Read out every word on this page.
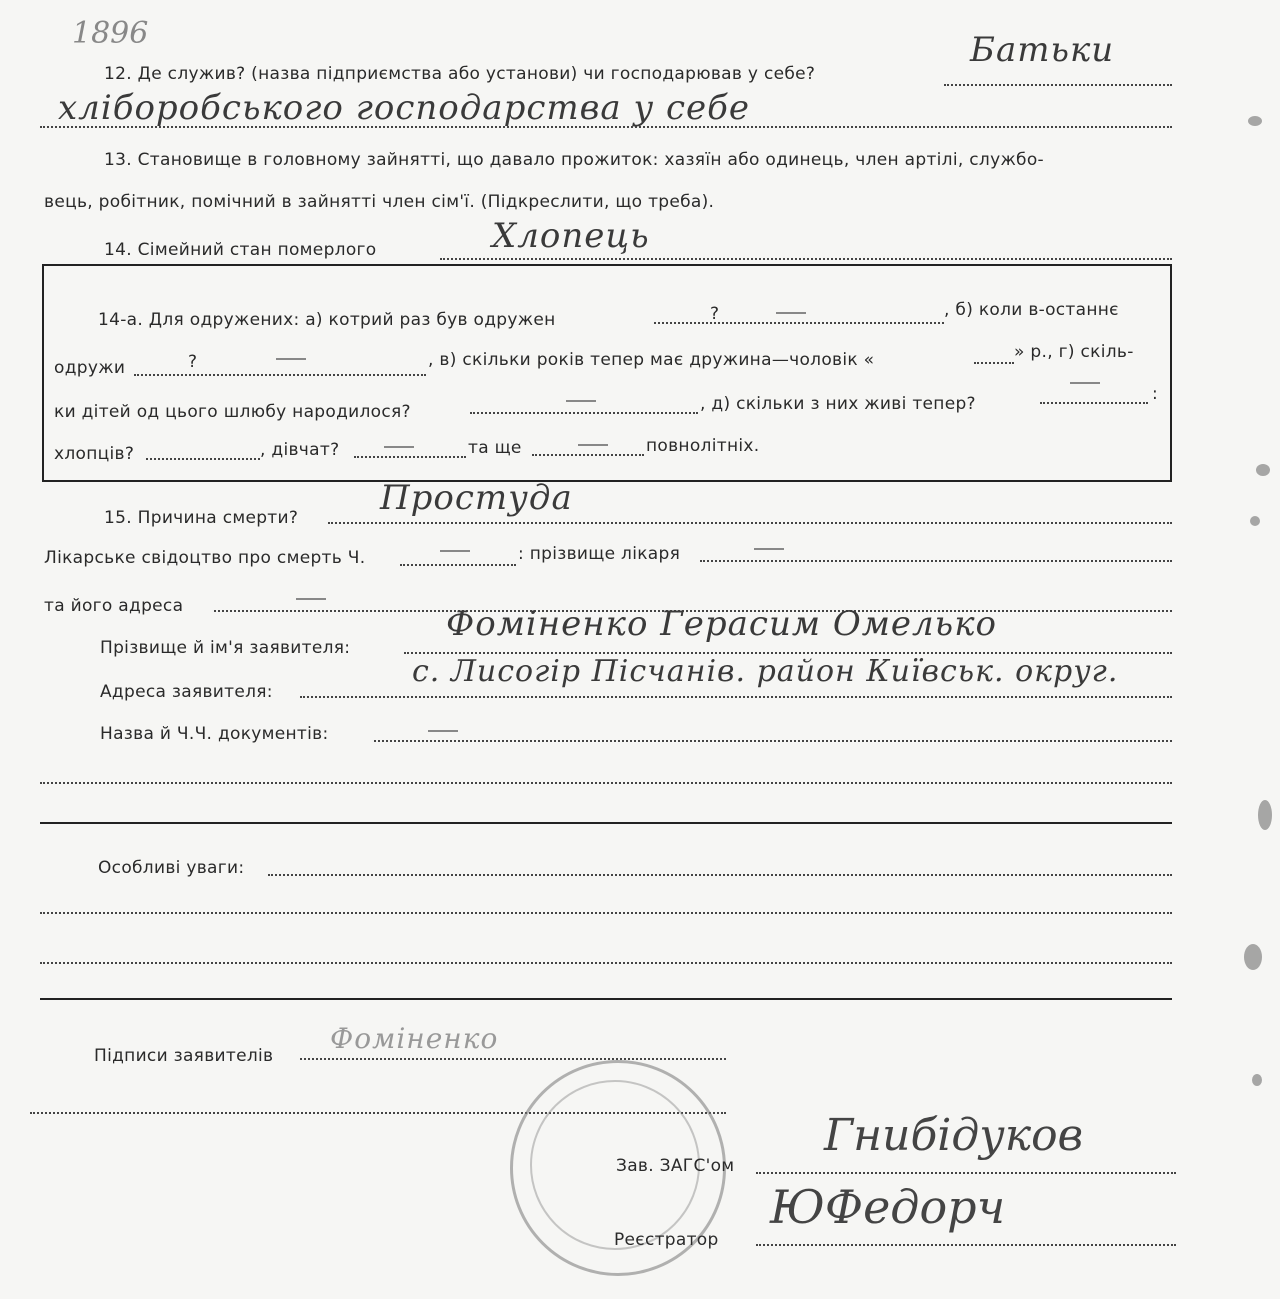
1896
12. Де служив? (назва підприємства або установи) чи господарював у себе?
Батьки
хліборобського господарства у себе
13. Становище в головному зайнятті, що давало прожиток: хазяїн або одинець, член артілі, службо-
вець, робітник, помічний в зайнятті член сім'ї. (Підкреслити, що треба).
14. Сімейний стан померлого	Хлопець
14-а. Для одружених: а) котрий раз був одружен	?	, б) коли в-останнє
одружи	?	, в) скільки років тепер має дружина—чоловік «	» р., г) скіль-
ки дітей од цього шлюбу народилося?	, д) скільки з них живі тепер?	:
хлопців?	, дівчат?	та ще	повнолітніх.
15. Причина смерти? Простуда
Лікарське свідоцтво про смерть Ч.	: прізвище лікаря
та його адреса
Прізвище й ім'я заявителя:
Фоміненко Герасим Омелько
Адреса заявителя:
с. Лисогір Пісчанів. район Київськ. округ.
Назва й Ч.Ч. документів:
Особливі уваги:
Підписи заявителів
Фоміненко
Зав. ЗАГС'ом
Гнибідуков
Реєстратор
ЮФедорч
